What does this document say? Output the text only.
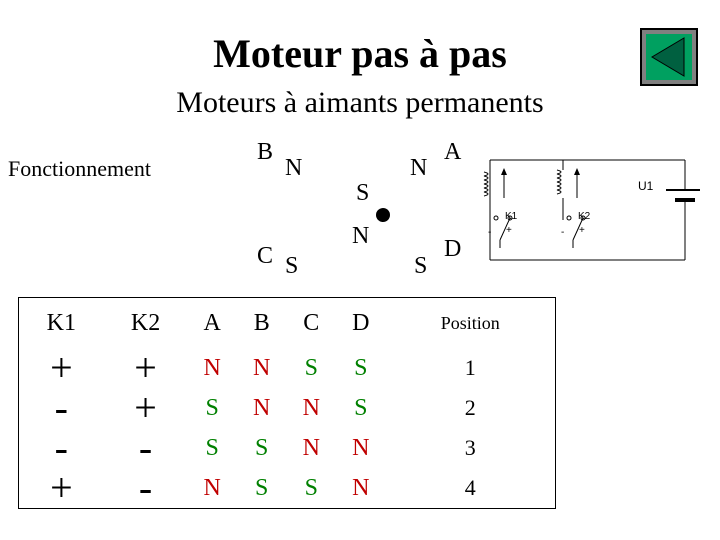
Moteur pas à pas
Moteurs à aimants permanents
Fonctionnement
B
N	N
A
S
N
C S	S
D
K1
- +
K2
- +
U1
K1	K2	A	B	C	D	Position
+	+	N	N	S	S	1
-	+	S	N	N	S	2
-	-	S	S	N	N	3
+	-	N	S	S	N	4
